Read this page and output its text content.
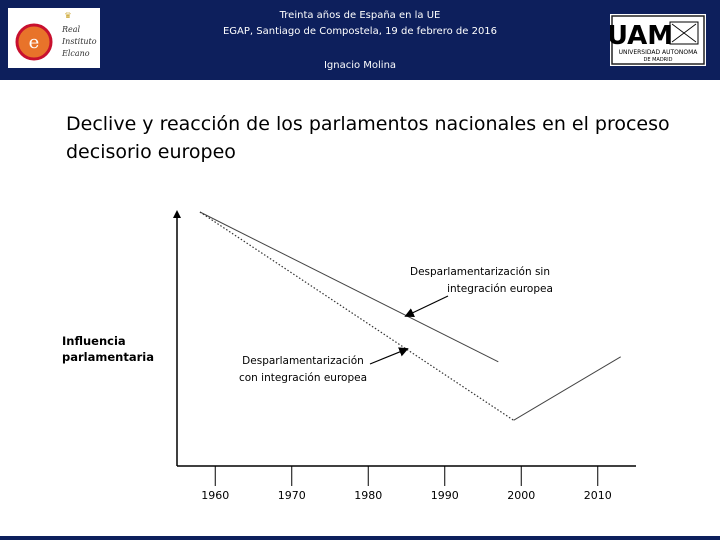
e
♛
Real
Instituto
Elcano
Treinta años de España en la UE
EGAP, Santiago de Compostela, 19 de febrero de 2016
Ignacio Molina
UAM
UNIVERSIDAD AUTONOMA
DE MADRID
Declive y reacción de los parlamentos nacionales en el proceso decisorio europeo
1960	1970	1980	1990	2000	2010
Influencia
parlamentaria
Desparlamentarización sin
integración europea
Desparlamentarización
con integración europea
